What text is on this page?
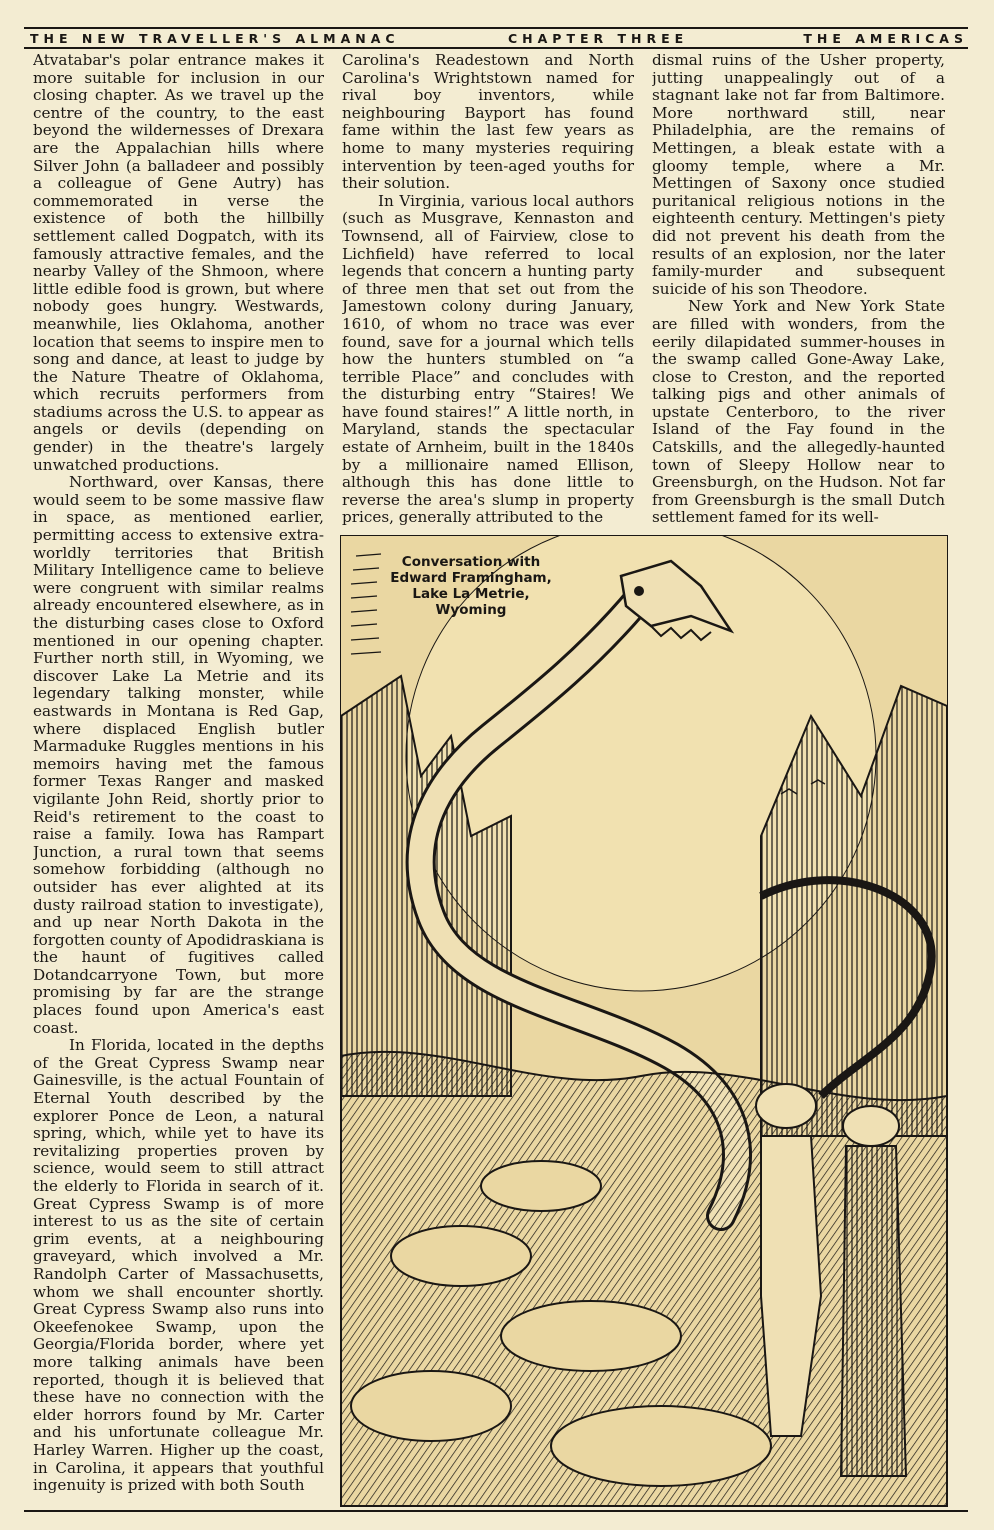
THE NEW TRAVELLER'S ALMANAC	CHAPTER THREE	THE AMERICAS

Atvatabar's polar entrance makes it more suitable for inclusion in our closing chapter. As we travel up the centre of the country, to the east beyond the wildernesses of Drexara are the Appalachian hills where Silver John (a balladeer and possibly a colleague of Gene Autry) has commemorated in verse the existence of both the hillbilly settlement called Dogpatch, with its famously attractive females, and the nearby Valley of the Shmoon, where little edible food is grown, but where nobody goes hungry. Westwards, meanwhile, lies Oklahoma, another location that seems to inspire men to song and dance, at least to judge by the Nature Theatre of Oklahoma, which recruits performers from stadiums across the U.S. to appear as angels or devils (depending on gender) in the theatre's largely unwatched productions.

Northward, over Kansas, there would seem to be some massive flaw in space, as mentioned earlier, permitting access to extensive extra-worldly territories that British Military Intelligence came to believe were congruent with similar realms already encountered elsewhere, as in the disturbing cases close to Oxford mentioned in our opening chapter. Further north still, in Wyoming, we discover Lake La Metrie and its legendary talking monster, while eastwards in Montana is Red Gap, where displaced English butler Marmaduke Ruggles mentions in his memoirs having met the famous former Texas Ranger and masked vigilante John Reid, shortly prior to Reid's retirement to the coast to raise a family. Iowa has Rampart Junction, a rural town that seems somehow forbidding (although no outsider has ever alighted at its dusty railroad station to investigate), and up near North Dakota in the forgotten county of Apodidraskiana is the haunt of fugitives called Dotandcarryone Town, but more promising by far are the strange places found upon America's east coast.

In Florida, located in the depths of the Great Cypress Swamp near Gainesville, is the actual Fountain of Eternal Youth described by the explorer Ponce de Leon, a natural spring, which, while yet to have its revitalizing properties proven by science, would seem to still attract the elderly to Florida in search of it. Great Cypress Swamp is of more interest to us as the site of certain grim events, at a neighbouring graveyard, which involved a Mr. Randolph Carter of Massachusetts, whom we shall encounter shortly. Great Cypress Swamp also runs into Okeefenokee Swamp, upon the Georgia/Florida border, where yet more talking animals have been reported, though it is believed that these have no connection with the elder horrors found by Mr. Carter and his unfortunate colleague Mr. Harley Warren. Higher up the coast, in Carolina, it appears that youthful ingenuity is prized with both South

Carolina's Readestown and North Carolina's Wrightstown named for rival boy inventors, while neighbouring Bayport has found fame within the last few years as home to many mysteries requiring intervention by teen-aged youths for their solution.

In Virginia, various local authors (such as Musgrave, Kennaston and Townsend, all of Fairview, close to Lichfield) have referred to local legends that concern a hunting party of three men that set out from the Jamestown colony during January, 1610, of whom no trace was ever found, save for a journal which tells how the hunters stumbled on “a terrible Place” and concludes with the disturbing entry “Staires! We have found staires!” A little north, in Maryland, stands the spectacular estate of Arnheim, built in the 1840s by a millionaire named Ellison, although this has done little to reverse the area's slump in property prices, generally attributed to the

dismal ruins of the Usher property, jutting unappealingly out of a stagnant lake not far from Baltimore. More northward still, near Philadelphia, are the remains of Mettingen, a bleak estate with a gloomy temple, where a Mr. Mettingen of Saxony once studied puritanical religious notions in the eighteenth century. Mettingen's piety did not prevent his death from the results of an explosion, nor the later family-murder and subsequent suicide of his son Theodore.

New York and New York State are filled with wonders, from the eerily dilapidated summer-houses in the swamp called Gone-Away Lake, close to Creston, and the reported talking pigs and other animals of upstate Centerboro, to the river Island of the Fay found in the Catskills, and the allegedly-haunted town of Sleepy Hollow near to Greensburgh, on the Hudson. Not far from Greensburgh is the small Dutch settlement famed for its well-

Conversation with Edward Framingham, Lake La Metrie, Wyoming
